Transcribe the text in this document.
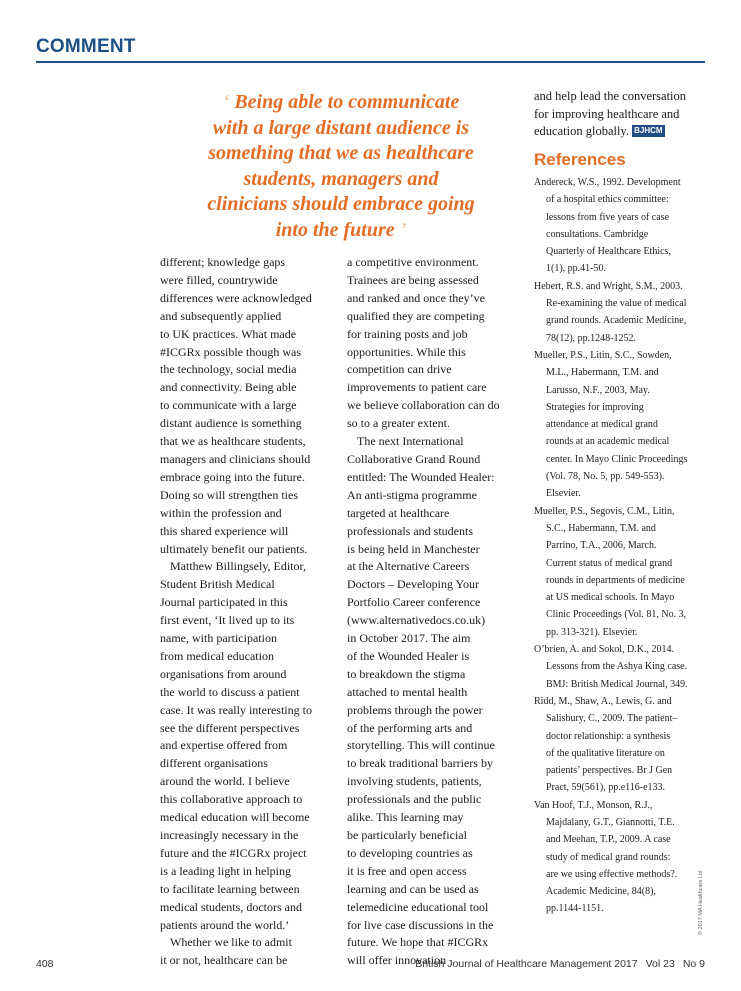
COMMENT
‘ Being able to communicate
with a large distant audience is
something that we as healthcare
students, managers and
clinicians should embrace going
into the future ’

different; knowledge gaps

were filled, countrywide

differences were acknowledged

and subsequently applied

to UK practices. What made

#ICGRx possible though was

the technology, social media

and connectivity. Being able

to communicate with a large

distant audience is something

that we as healthcare students,

managers and clinicians should

embrace going into the future.

Doing so will strengthen ties

within the profession and

this shared experience will

ultimately benefit our patients.

Matthew Billingsely, Editor,

Student British Medical

Journal participated in this

first event, ‘It lived up to its

name, with participation

from medical education

organisations from around

the world to discuss a patient

case. It was really interesting to

see the different perspectives

and expertise offered from

different organisations

around the world. I believe

this collaborative approach to

medical education will become

increasingly necessary in the

future and the #ICGRx project

is a leading light in helping

to facilitate learning between

medical students, doctors and

patients around the world.’

Whether we like to admit

it or not, healthcare can be

a competitive environment.

Trainees are being assessed

and ranked and once they’ve

qualified they are competing

for training posts and job

opportunities. While this

competition can drive

improvements to patient care

we believe collaboration can do

so to a greater extent.

The next International

Collaborative Grand Round

entitled: The Wounded Healer:

An anti-stigma programme

targeted at healthcare

professionals and students

is being held in Manchester

at the Alternative Careers

Doctors – Developing Your

Portfolio Career conference

(www.alternativedocs.co.uk)

in October 2017. The aim

of the Wounded Healer is

to breakdown the stigma

attached to mental health

problems through the power

of the performing arts and

storytelling. This will continue

to break traditional barriers by

involving students, patients,

professionals and the public

alike. This learning may

be particularly beneficial

to developing countries as

it is free and open access

learning and can be used as

telemedicine educational tool

for live case discussions in the

future. We hope that #ICGRx

will offer innovation

and help lead the conversation

for improving healthcare and

education globally. BJHCM

References
Andereck, W.S., 1992. Development
of a hospital ethics committee:
lessons from five years of case
consultations. Cambridge
Quarterly of Healthcare Ethics,
1(1), pp.41-50.
Hebert, R.S. and Wright, S.M., 2003.
Re-examining the value of medical
grand rounds. Academic Medicine,
78(12), pp.1248-1252.
Mueller, P.S., Litin, S.C., Sowden,
M.L., Habermann, T.M. and
Larusso, N.F., 2003, May.
Strategies for improving
attendance at medical grand
rounds at an academic medical
center. In Mayo Clinic Proceedings
(Vol. 78, No. 5, pp. 549-553).
Elsevier.
Mueller, P.S., Segovis, C.M., Litin,
S.C., Habermann, T.M. and
Parrino, T.A., 2006, March.
Current status of medical grand
rounds in departments of medicine
at US medical schools. In Mayo
Clinic Proceedings (Vol. 81, No. 3,
pp. 313-321). Elsevier.
O’brien, A. and Sokol, D.K., 2014.
Lessons from the Ashya King case.
BMJ: British Medical Journal, 349.
Ridd, M., Shaw, A., Lewis, G. and
Salisbury, C., 2009. The patient–
doctor relationship: a synthesis
of the qualitative literature on
patients’ perspectives. Br J Gen
Pract, 59(561), pp.e116-e133.
Van Hoof, T.J., Monson, R.J.,
Majdalany, G.T., Giannotti, T.E.
and Meehan, T.P., 2009. A case
study of medical grand rounds:
are we using effective methods?.
Academic Medicine, 84(8),
pp.1144-1151.	© 2017 MA Healthcare Ltd
408	British Journal of Healthcare Management 2017 Vol 23 No 9
